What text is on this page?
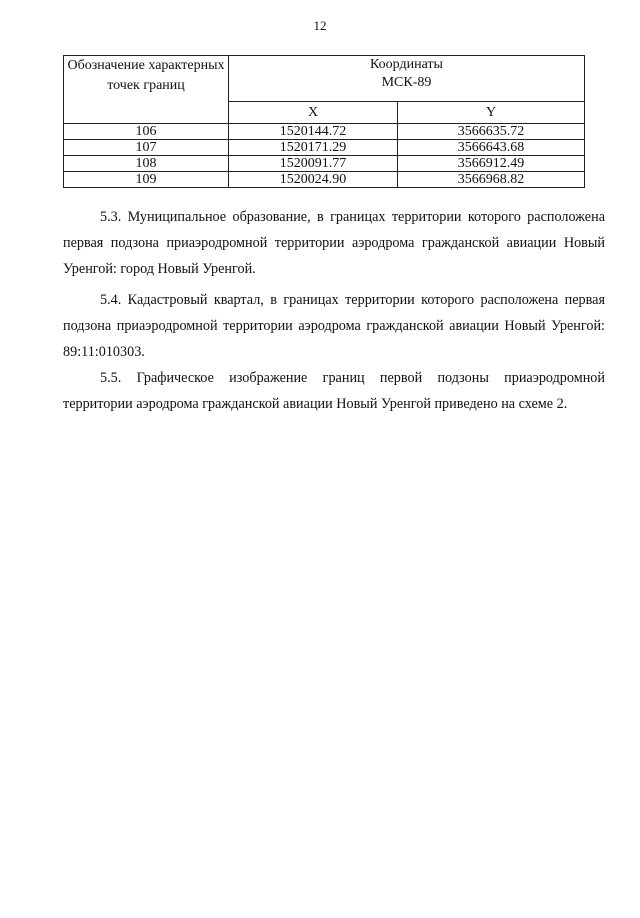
12
Обозначение характерных точек границ	Координаты
МСК-89	
	X	Y
106	1520144.72	3566635.72
107	1520171.29	3566643.68
108	1520091.77	3566912.49
109	1520024.90	3566968.82
5.3. Муниципальное образование, в границах территории которого расположена первая подзона приаэродромной территории аэродрома гражданской авиации Новый Уренгой: город Новый Уренгой.
5.4. Кадастровый квартал, в границах территории которого расположена первая подзона приаэродромной территории аэродрома гражданской авиации Новый Уренгой: 89:11:010303.
5.5. Графическое изображение границ первой подзоны приаэродромной территории аэродрома гражданской авиации Новый Уренгой приведено на схеме 2.
